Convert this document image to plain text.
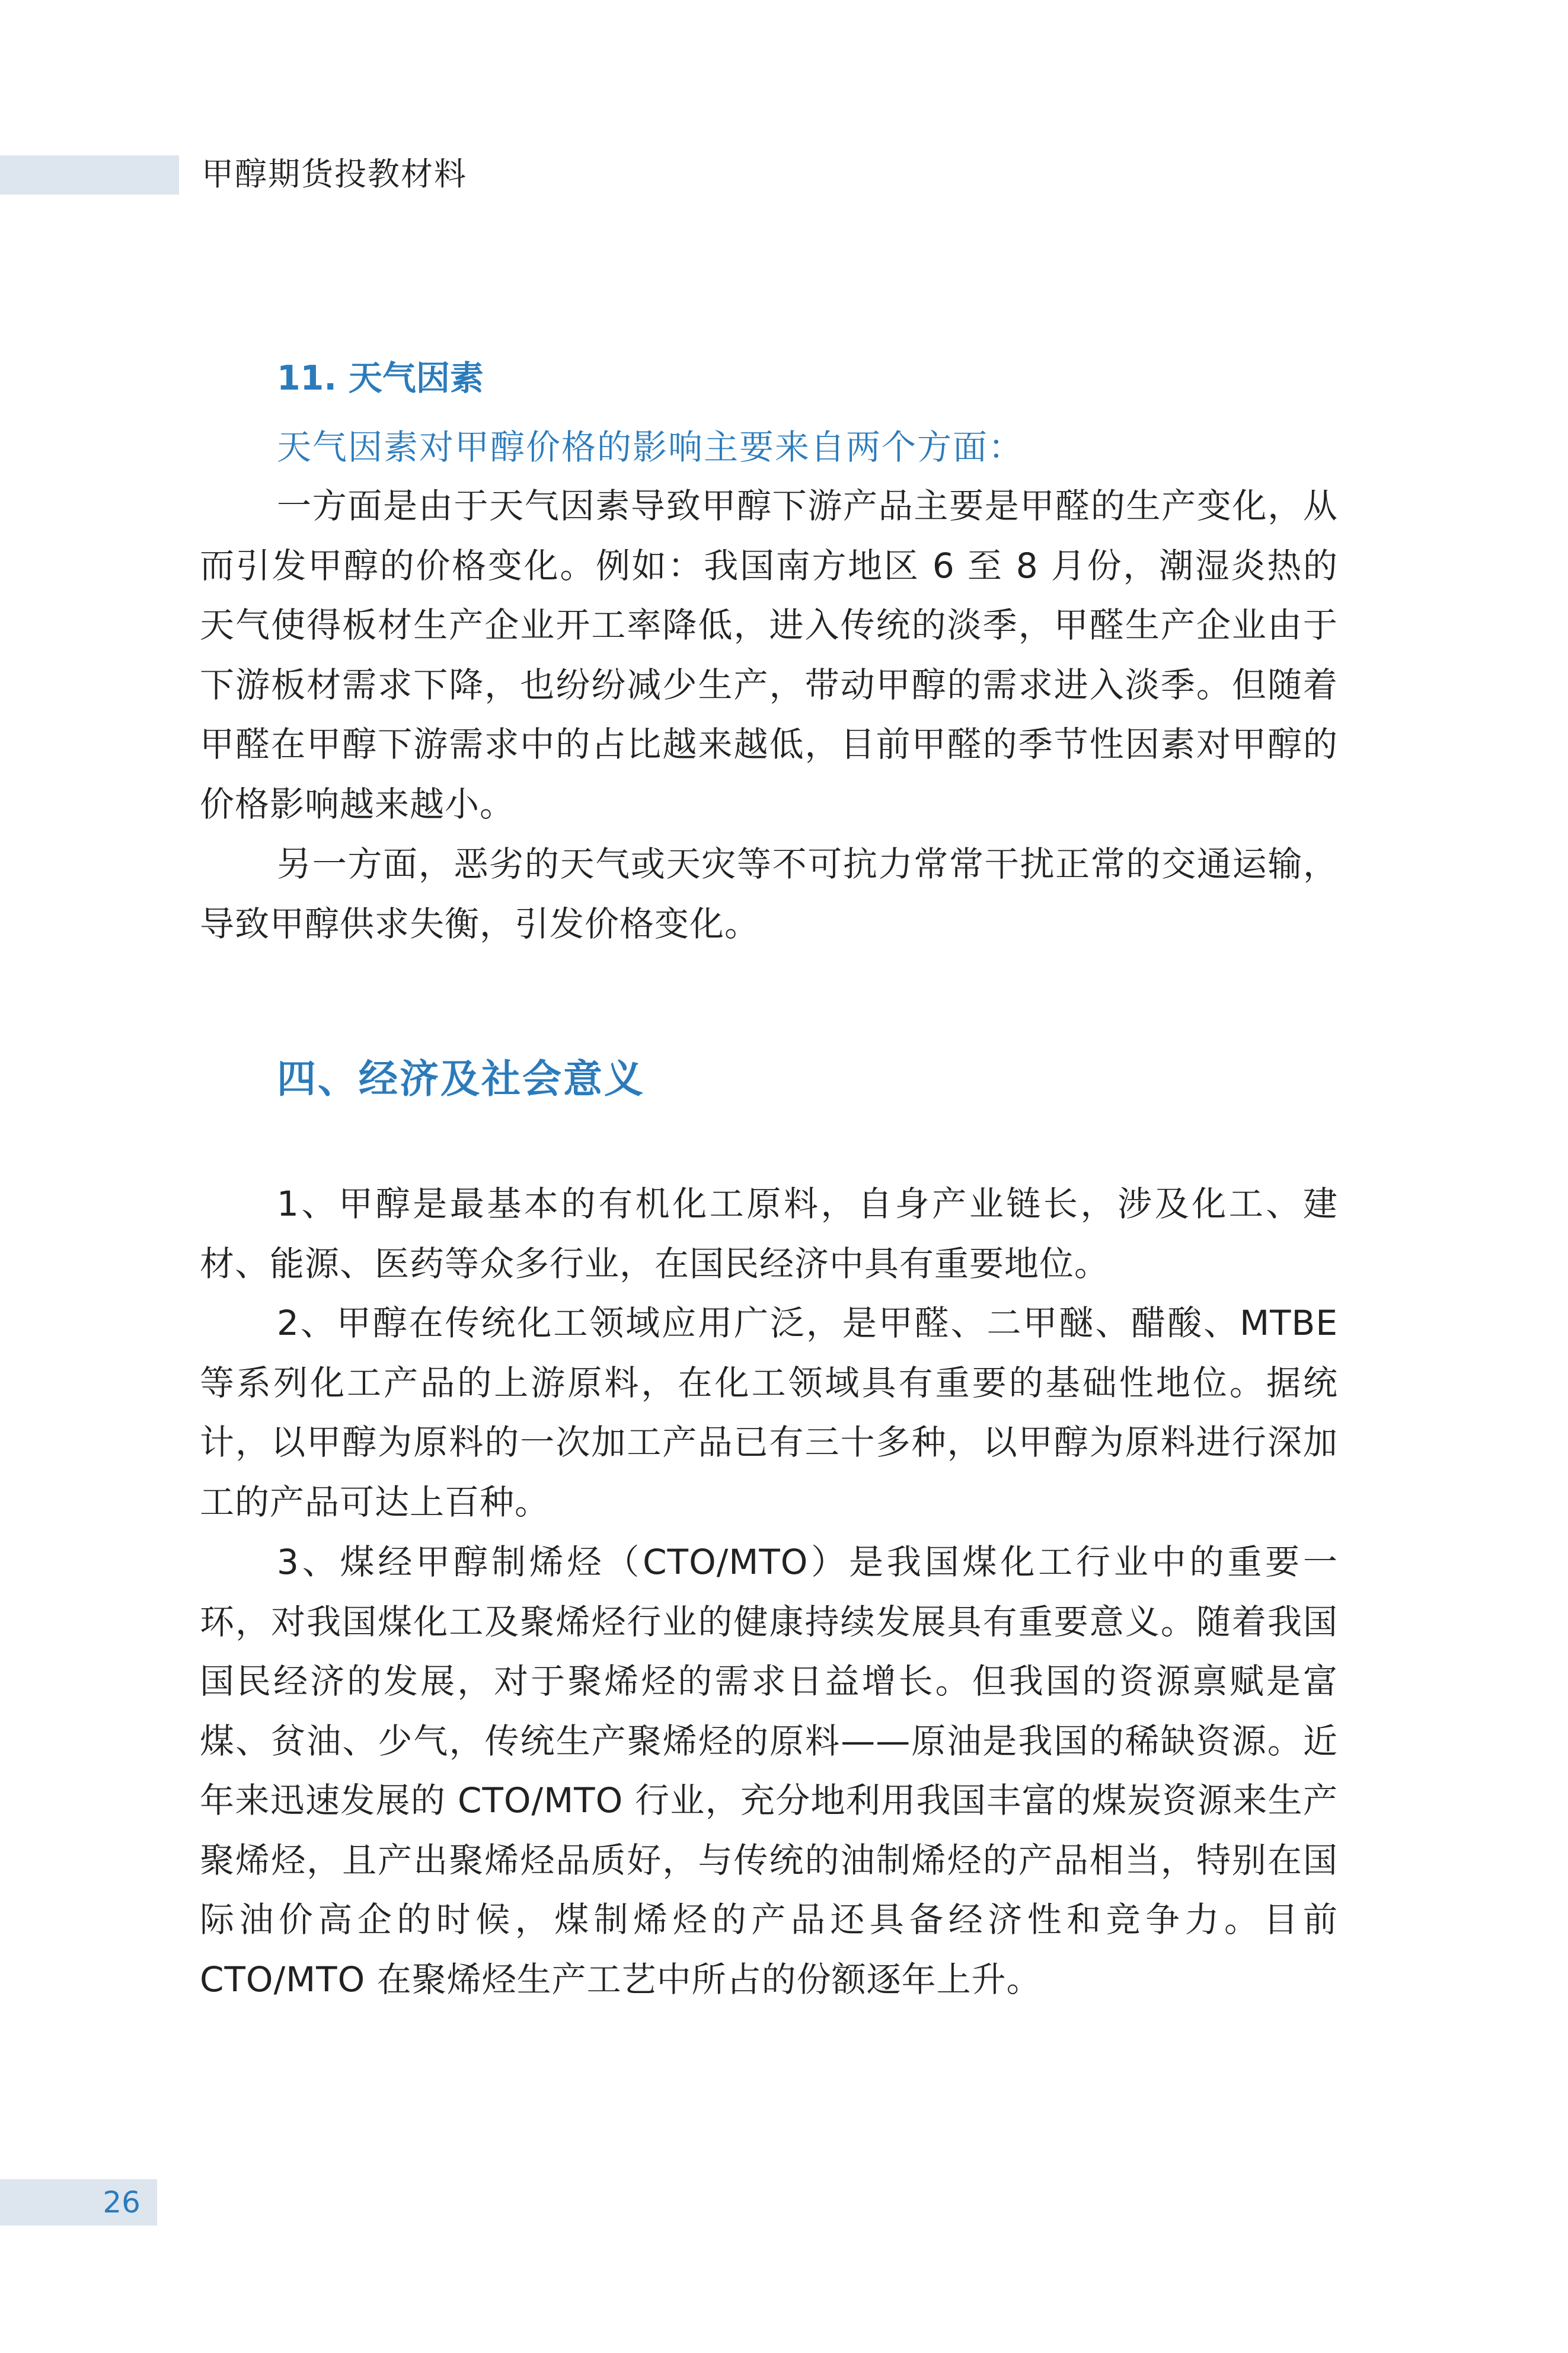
甲醇期货投教材料
11. 天气因素
天气因素对甲醇价格的影响主要来自两个方面：

一方面是由于天气因素导致甲醇下游产品主要是甲醛的生产变化，从而引发甲醇的价格变化。例如：我国南方地区 6 至 8 月份，潮湿炎热的天气使得板材生产企业开工率降低，进入传统的淡季，甲醛生产企业由于下游板材需求下降，也纷纷减少生产，带动甲醇的需求进入淡季。但随着甲醛在甲醇下游需求中的占比越来越低，目前甲醛的季节性因素对甲醇的价格影响越来越小。

另一方面，恶劣的天气或天灾等不可抗力常常干扰正常的交通运输，导致甲醇供求失衡，引发价格变化。

四、经济及社会意义

1、甲醇是最基本的有机化工原料，自身产业链长，涉及化工、建材、能源、医药等众多行业，在国民经济中具有重要地位。

2、甲醇在传统化工领域应用广泛，是甲醛、二甲醚、醋酸、MTBE 等系列化工产品的上游原料，在化工领域具有重要的基础性地位。据统计，以甲醇为原料的一次加工产品已有三十多种，以甲醇为原料进行深加工的产品可达上百种。

3、煤经甲醇制烯烃（CTO/MTO）是我国煤化工行业中的重要一环，对我国煤化工及聚烯烃行业的健康持续发展具有重要意义。随着我国国民经济的发展，对于聚烯烃的需求日益增长。但我国的资源禀赋是富煤、贫油、少气，传统生产聚烯烃的原料——原油是我国的稀缺资源。近年来迅速发展的 CTO/MTO 行业，充分地利用我国丰富的煤炭资源来生产聚烯烃，且产出聚烯烃品质好，与传统的油制烯烃的产品相当，特别在国际油价高企的时候，煤制烯烃的产品还具备经济性和竞争力。目前 CTO/MTO 在聚烯烃生产工艺中所占的份额逐年上升。

26
